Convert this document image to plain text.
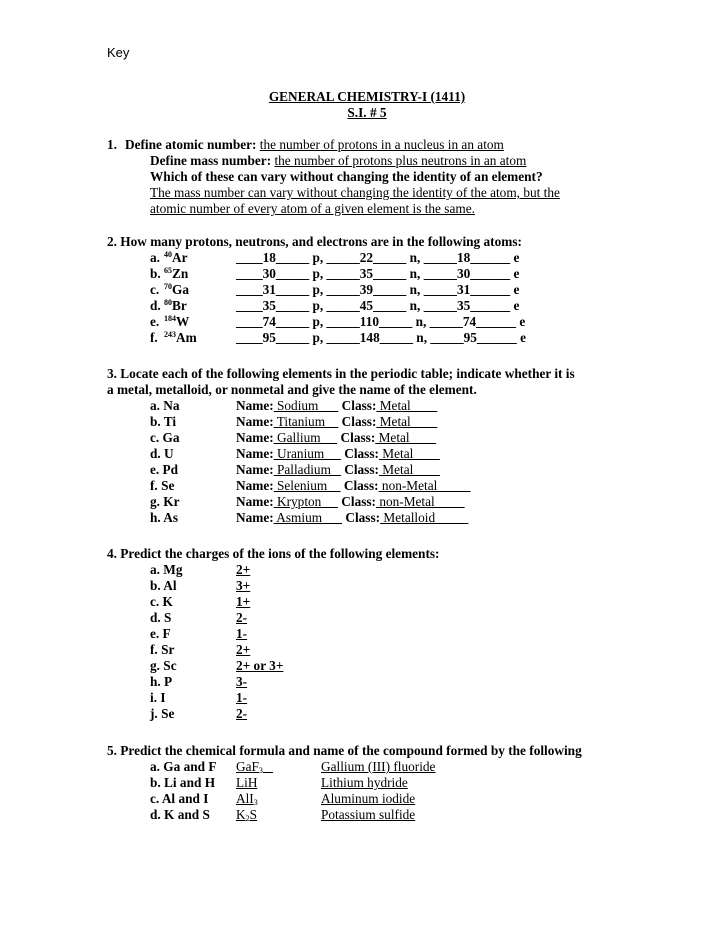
Key
GENERAL CHEMISTRY-I (1411)
S.I. # 5
1. Define atomic number: the number of protons in a nucleus in an atom
Define mass number: the number of protons plus neutrons in an atom
Which of these can vary without changing the identity of an element?
The mass number can vary without changing the identity of the atom, but the
atomic number of every atom of a given element is the same.
2. How many protons, neutrons, and electrons are in the following atoms:
a. $^{40}$Ar	____18_____ p, _____22_____ n, _____18______ e
b. $^{65}$Zn	____30_____ p, _____35_____ n, _____30______ e
c. $^{70}$Ga	____31_____ p, _____39_____ n, _____31______ e
d. $^{80}$Br	____35_____ p, _____45_____ n, _____35______ e
e. $^{184}$W	____74_____ p, _____110_____ n, _____74______ e
f. $^{243}$Am	____95_____ p, _____148_____ n, _____95______ e
3. Locate each of the following elements in the periodic table; indicate whether it is
a metal, metalloid, or nonmetal and give the name of the element.
a. Na	Name: Sodium       Class: Metal
b. Ti	Name: Titanium     Class: Metal
c. Ga	Name: Gallium      Class: Metal
d. U	Name: Uranium      Class: Metal
e. Pd	Name: Palladium    Class: Metal
f. Se	Name: Selenium     Class: non-Metal
g. Kr	Name: Krypton      Class: non-Metal
h. As	Name: Asmium       Class: Metalloid
4. Predict the charges of the ions of the following elements:
a. Mg	2+
b. Al	3+
c. K	1+
d. S	2-
e. F	1-
f. Sr	2+
g. Sc	2+ or 3+
h. P	3-
i. I	1-
j. Se	2-
5. Predict the chemical formula and name of the compound formed by the following
a. Ga and F GaF$_3$	Gallium (III) fluoride
b. Li and H LiH	Lithium hydride
c. Al and I AlI$_3$	Aluminum iodide
d. K and S $K_2S$	Potassium sulfide
